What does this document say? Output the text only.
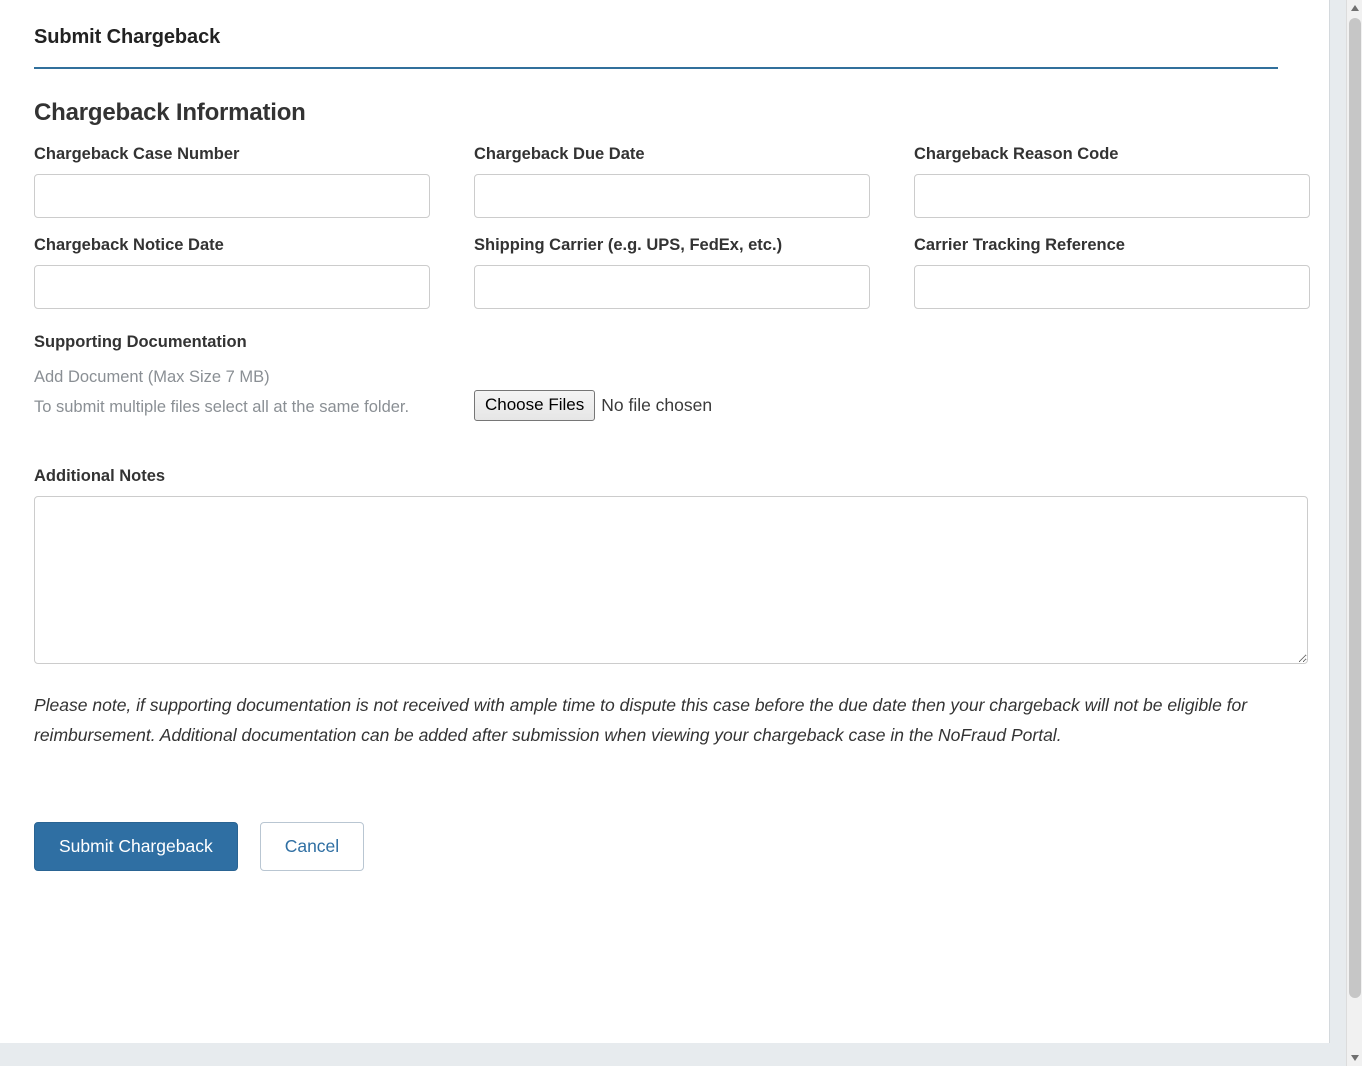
Submit Chargeback
Chargeback Information
Chargeback Case Number	Chargeback Due Date	Chargeback Reason Code
Chargeback Notice Date	Shipping Carrier (e.g. UPS, FedEx, etc.)	Carrier Tracking Reference
Supporting Documentation
Add Document (Max Size 7 MB)
To submit multiple files select all at the same folder.	Choose Files No file chosen
Additional Notes

Please note, if supporting documentation is not received with ample time to dispute this case before the due date then your chargeback will not be eligible for reimbursement. Additional documentation can be added after submission when viewing your chargeback case in the NoFraud Portal.

Submit Chargeback	Cancel
